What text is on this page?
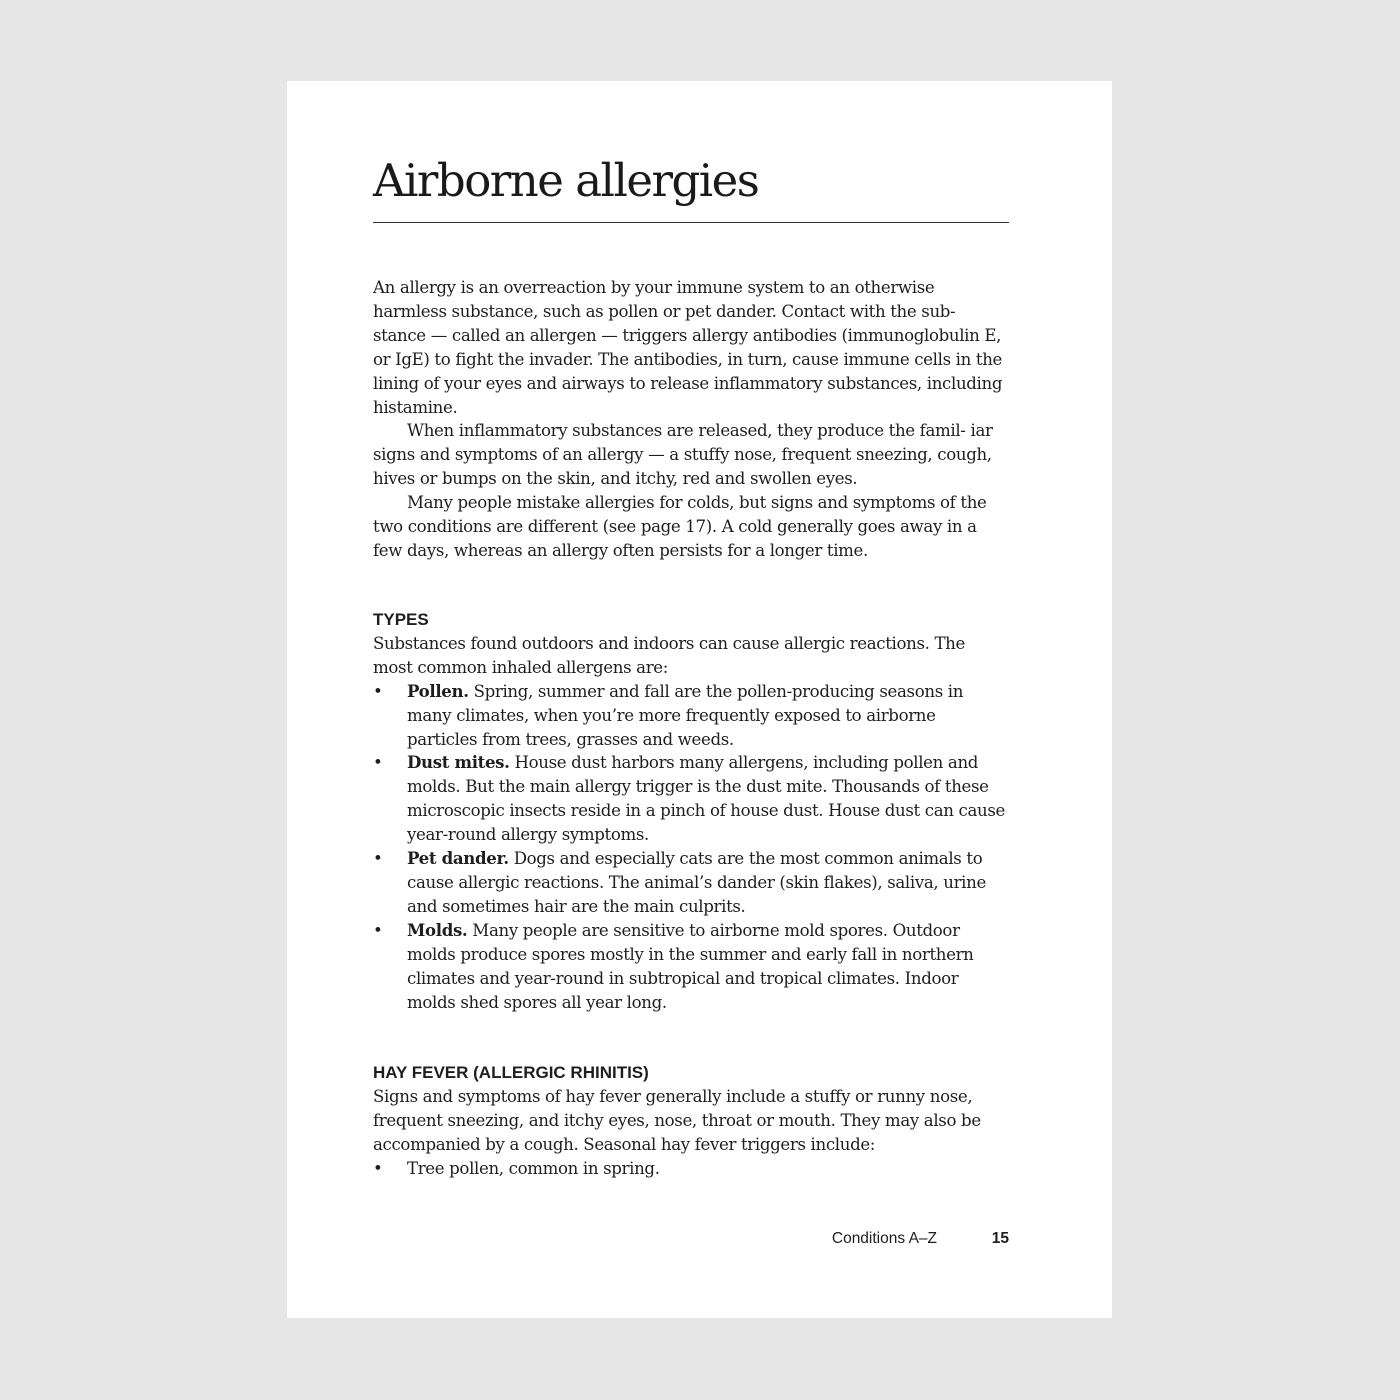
Airborne allergies

An allergy is an overreaction by your immune system to an otherwise harmless substance, such as pollen or pet dander. Contact with the sub- stance — called an allergen — triggers allergy antibodies (immunoglobulin E, or IgE) to fight the invader. The antibodies, in turn, cause immune cells in the lining of your eyes and airways to release inflammatory substances, including histamine.

When inflammatory substances are released, they produce the famil- iar signs and symptoms of an allergy — a stuffy nose, frequent sneezing, cough, hives or bumps on the skin, and itchy, red and swollen eyes.

Many people mistake allergies for colds, but signs and symptoms of the two conditions are different (see page 17). A cold generally goes away in a few days, whereas an allergy often persists for a longer time.

TYPES

Substances found outdoors and indoors can cause allergic reactions. The most common inhaled allergens are:

• Pollen. Spring, summer and fall are the pollen-producing seasons in many climates, when you’re more frequently exposed to airborne particles from trees, grasses and weeds.
• Dust mites. House dust harbors many allergens, including pollen and molds. But the main allergy trigger is the dust mite. Thousands of these microscopic insects reside in a pinch of house dust. House dust can cause year-round allergy symptoms.
• Pet dander. Dogs and especially cats are the most common animals to cause allergic reactions. The animal’s dander (skin flakes), saliva, urine and sometimes hair are the main culprits.
• Molds. Many people are sensitive to airborne mold spores. Outdoor molds produce spores mostly in the summer and early fall in northern climates and year-round in subtropical and tropical climates. Indoor molds shed spores all year long.
HAY FEVER (ALLERGIC RHINITIS)

Signs and symptoms of hay fever generally include a stuffy or runny nose, frequent sneezing, and itchy eyes, nose, throat or mouth. They may also be accompanied by a cough. Seasonal hay fever triggers include:

• Tree pollen, common in spring.
Conditions A–Z	15
